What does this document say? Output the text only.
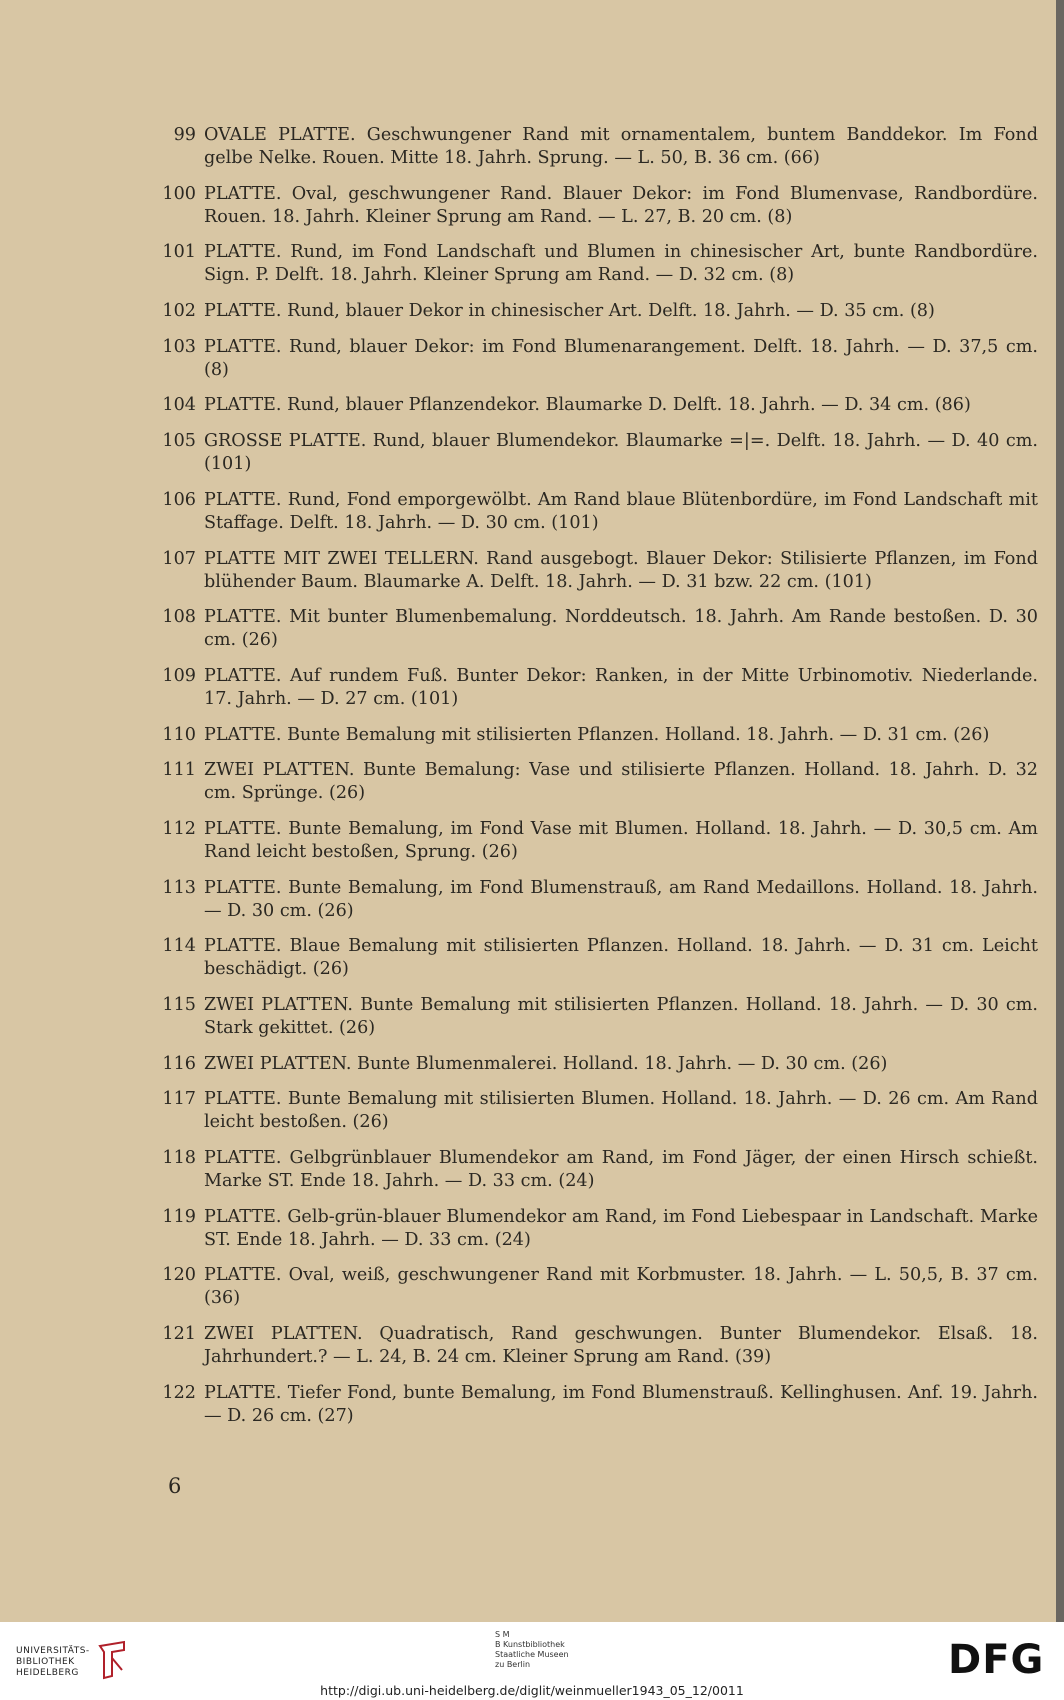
99 OVALE PLATTE. Geschwungener Rand mit ornamentalem, buntem Banddekor. Im Fond gelbe Nelke. Rouen. Mitte 18. Jahrh. Sprung. — L. 50, B. 36 cm. (66)
100 PLATTE. Oval, geschwungener Rand. Blauer Dekor: im Fond Blumenvase, Randbordüre. Rouen. 18. Jahrh. Kleiner Sprung am Rand. — L. 27, B. 20 cm. (8)
101 PLATTE. Rund, im Fond Landschaft und Blumen in chinesischer Art, bunte Randbordüre. Sign. P. Delft. 18. Jahrh. Kleiner Sprung am Rand. — D. 32 cm. (8)
102 PLATTE. Rund, blauer Dekor in chinesischer Art. Delft. 18. Jahrh. — D. 35 cm. (8)
103 PLATTE. Rund, blauer Dekor: im Fond Blumenarangement. Delft. 18. Jahrh. — D. 37,5 cm. (8)
104 PLATTE. Rund, blauer Pflanzendekor. Blaumarke D. Delft. 18. Jahrh. — D. 34 cm. (86)
105 GROSSE PLATTE. Rund, blauer Blumendekor. Blaumarke =|=. Delft. 18. Jahrh. — D. 40 cm. (101)
106 PLATTE. Rund, Fond emporgewölbt. Am Rand blaue Blütenbordüre, im Fond Landschaft mit Staffage. Delft. 18. Jahrh. — D. 30 cm. (101)
107 PLATTE MIT ZWEI TELLERN. Rand ausgebogt. Blauer Dekor: Stilisierte Pflanzen, im Fond blühender Baum. Blaumarke A. Delft. 18. Jahrh. — D. 31 bzw. 22 cm. (101)
108 PLATTE. Mit bunter Blumenbemalung. Norddeutsch. 18. Jahrh. Am Rande bestoßen. D. 30 cm. (26)
109 PLATTE. Auf rundem Fuß. Bunter Dekor: Ranken, in der Mitte Urbinomotiv. Niederlande. 17. Jahrh. — D. 27 cm. (101)
110 PLATTE. Bunte Bemalung mit stilisierten Pflanzen. Holland. 18. Jahrh. — D. 31 cm. (26)
111 ZWEI PLATTEN. Bunte Bemalung: Vase und stilisierte Pflanzen. Holland. 18. Jahrh. D. 32 cm. Sprünge. (26)
112 PLATTE. Bunte Bemalung, im Fond Vase mit Blumen. Holland. 18. Jahrh. — D. 30,5 cm. Am Rand leicht bestoßen, Sprung. (26)
113 PLATTE. Bunte Bemalung, im Fond Blumenstrauß, am Rand Medaillons. Holland. 18. Jahrh. — D. 30 cm. (26)
114 PLATTE. Blaue Bemalung mit stilisierten Pflanzen. Holland. 18. Jahrh. — D. 31 cm. Leicht beschädigt. (26)
115 ZWEI PLATTEN. Bunte Bemalung mit stilisierten Pflanzen. Holland. 18. Jahrh. — D. 30 cm. Stark gekittet. (26)
116 ZWEI PLATTEN. Bunte Blumenmalerei. Holland. 18. Jahrh. — D. 30 cm. (26)
117 PLATTE. Bunte Bemalung mit stilisierten Blumen. Holland. 18. Jahrh. — D. 26 cm. Am Rand leicht bestoßen. (26)
118 PLATTE. Gelbgrünblauer Blumendekor am Rand, im Fond Jäger, der einen Hirsch schießt. Marke ST. Ende 18. Jahrh. — D. 33 cm. (24)
119 PLATTE. Gelb-grün-blauer Blumendekor am Rand, im Fond Liebespaar in Landschaft. Marke ST. Ende 18. Jahrh. — D. 33 cm. (24)
120 PLATTE. Oval, weiß, geschwungener Rand mit Korbmuster. 18. Jahrh. — L. 50,5, B. 37 cm. (36)
121 ZWEI PLATTEN. Quadratisch, Rand geschwungen. Bunter Blumendekor. Elsaß. 18. Jahrhundert.? — L. 24, B. 24 cm. Kleiner Sprung am Rand. (39)
122 PLATTE. Tiefer Fond, bunte Bemalung, im Fond Blumenstrauß. Kellinghusen. Anf. 19. Jahrh. — D. 26 cm. (27)
6
UNIVERSITÄTS-
BIBLIOTHEK
HEIDELBERG
S M
B Kunstbibliothek
Staatliche Museen
zu Berlin	DFG
http://digi.ub.uni-heidelberg.de/diglit/weinmueller1943_05_12/0011
